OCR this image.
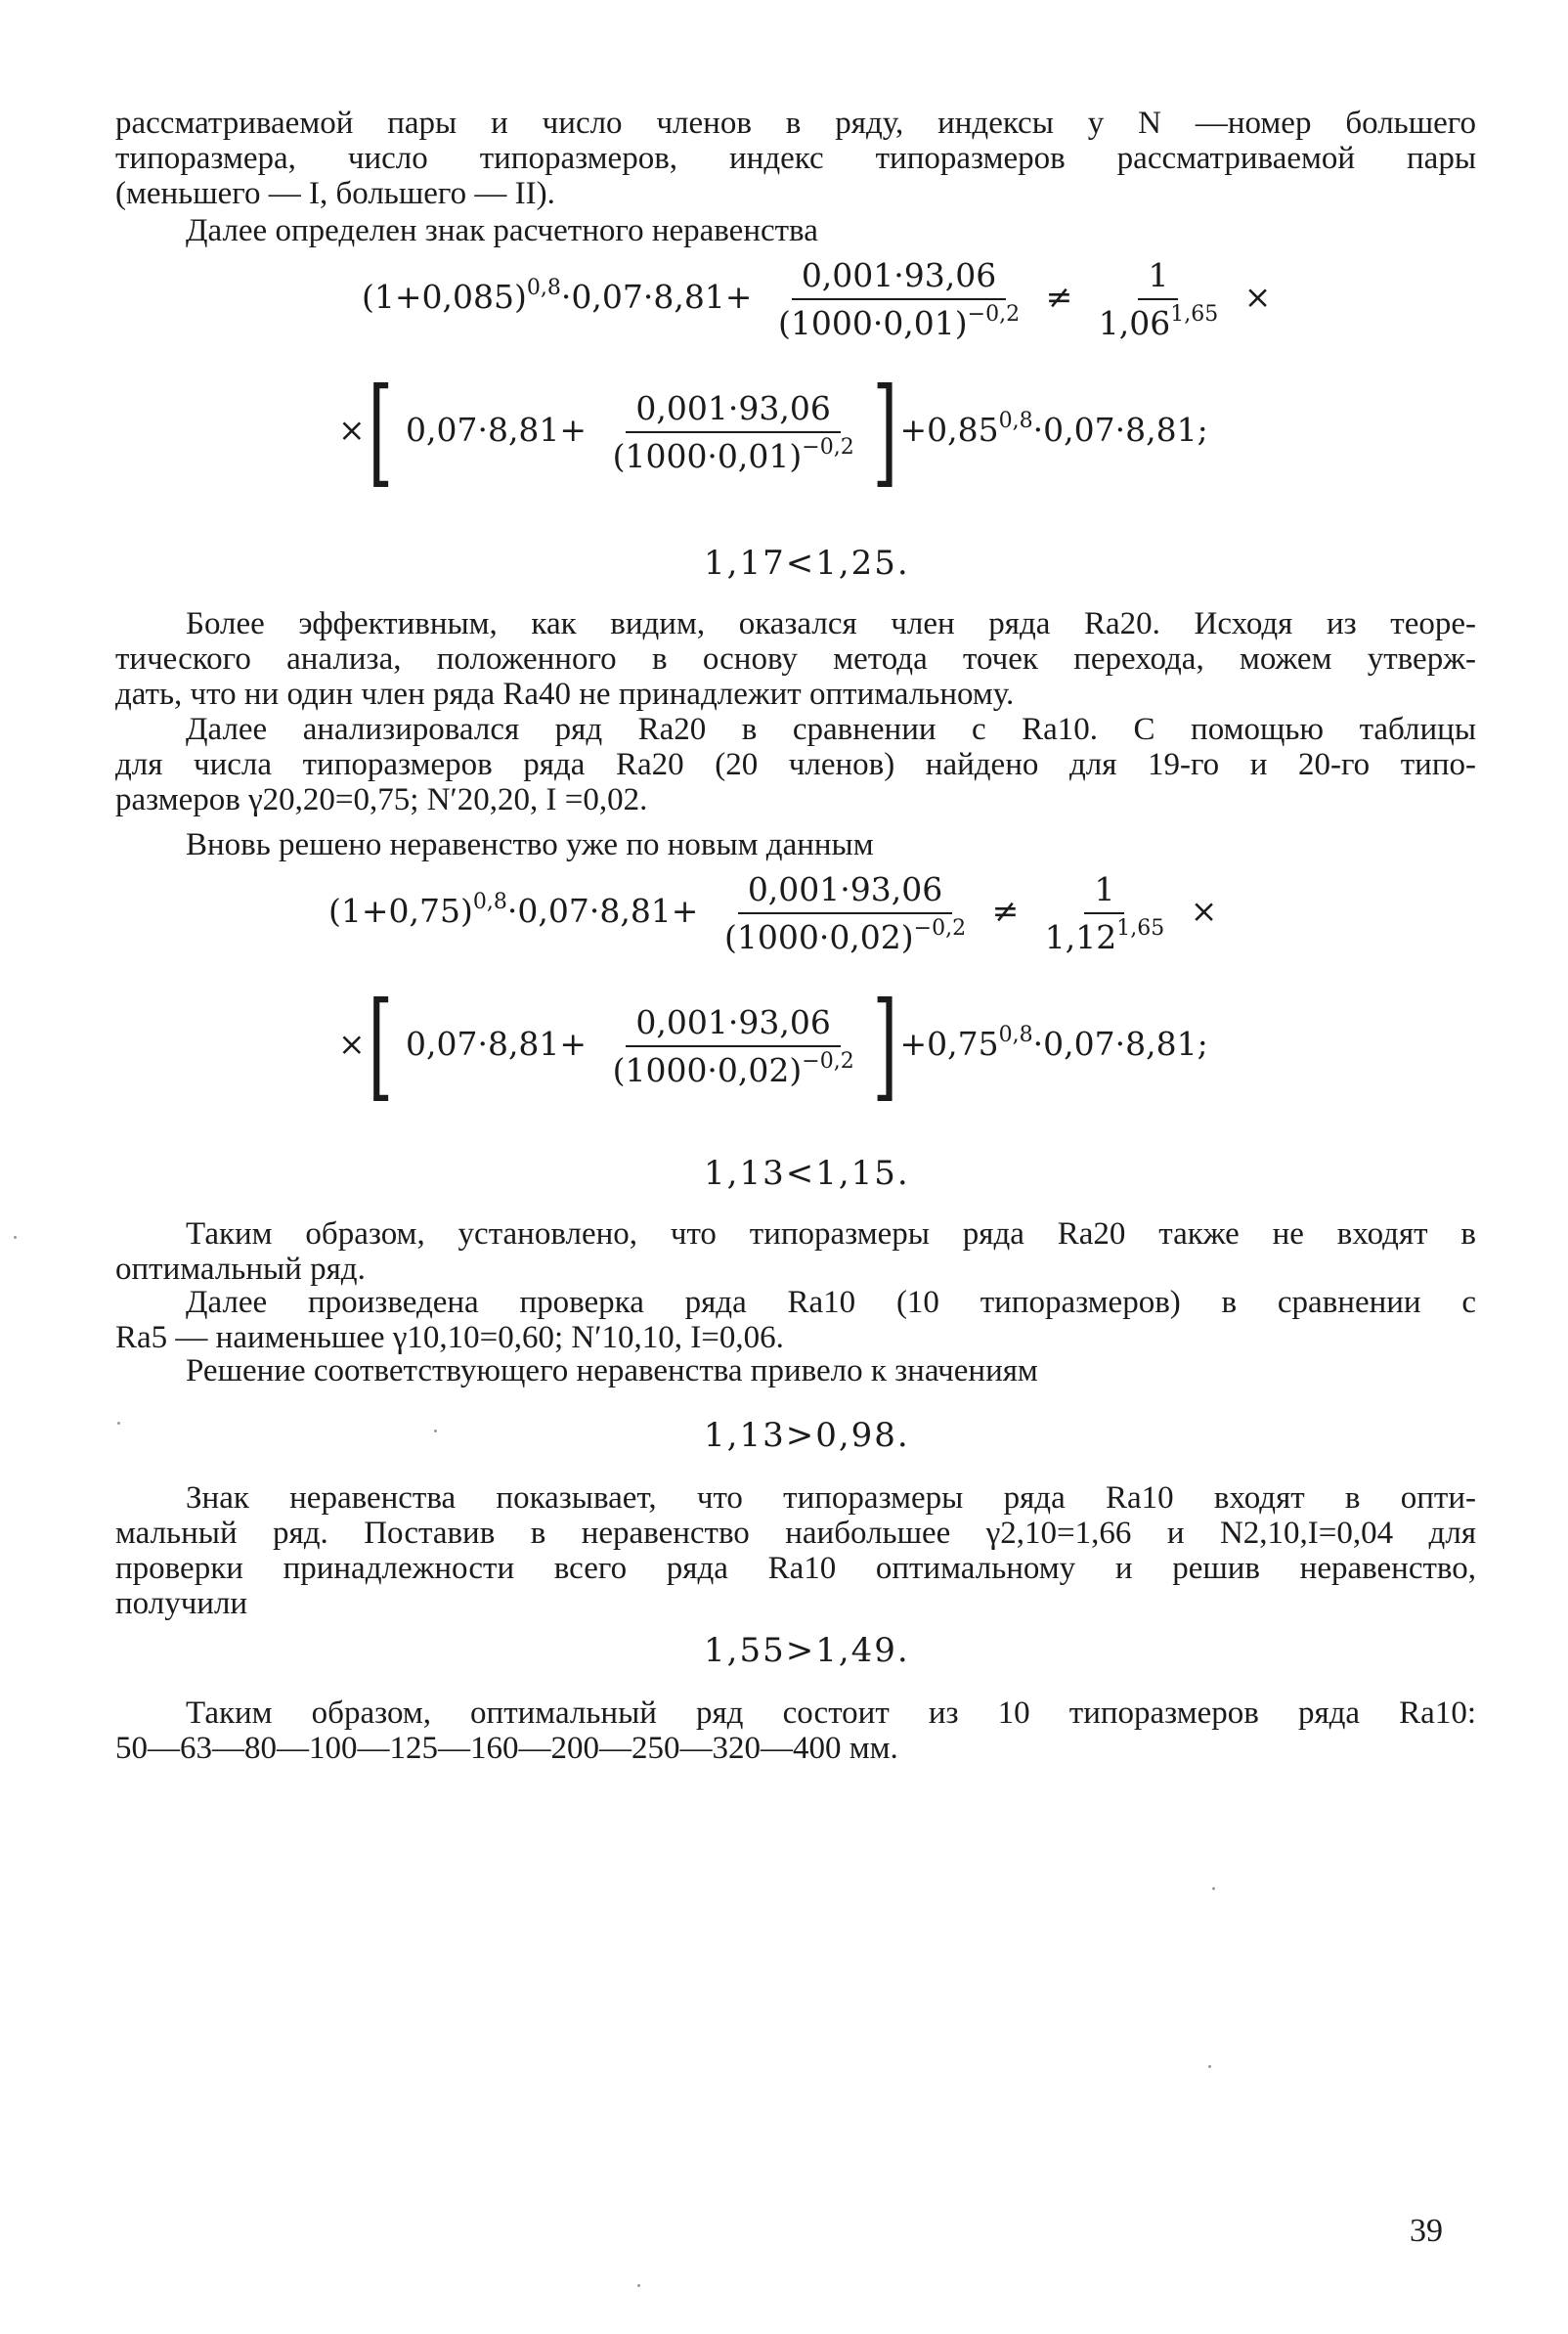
рассматриваемой пары и число членов в ряду, индексы у N —номер большего
типоразмера, число типоразмеров, индекс типоразмеров рассматриваемой пары
(меньшего — I, большего — II).
Далее определен знак расчетного неравенства
$(1+0,085)^{0,8}\cdot 0,07\cdot 8,81+ \frac{0,001\cdot 93,06}{(1000\cdot 0,01)^{-0,2}} \ne \frac{1}{1,06^{1,65}}$ ×
×[ $0,07\cdot 8,81+ \frac{0,001\cdot 93,06}{(1000\cdot 0,01)^{-0,2}} ]+0,85^{0,8}\cdot 0,07\cdot 8,81$;
1,17<1,25.
Более эффективным, как видим, оказался член ряда Ra20. Исходя из теоре-
тического анализа, положенного в основу метода точек перехода, можем утверж-
дать, что ни один член ряда Ra40 не принадлежит оптимальному.
Далее анализировался ряд Ra20 в сравнении с Ra10. С помощью таблицы
для числа типоразмеров ряда Ra20 (20 членов) найдено для 19-го и 20-го типо-
размеров γ20,20=0,75; N′20,20, I =0,02.
Вновь решено неравенство уже по новым данным
$(1+0,75)^{0,8}\cdot 0,07\cdot 8,81+ \frac{0,001\cdot 93,06}{(1000\cdot 0,02)^{-0,2}} \ne \frac{1}{1,12^{1,65}}$ ×
×[ $0,07\cdot 8,81+ \frac{0,001\cdot 93,06}{(1000\cdot 0,02)^{-0,2}} ]+0,75^{0,8}\cdot 0,07\cdot 8,81$;
1,13<1,15.
Таким образом, установлено, что типоразмеры ряда Ra20 также не входят в
оптимальный ряд.
Далее произведена проверка ряда Ra10 (10 типоразмеров) в сравнении с
Ra5 — наименьшее γ10,10=0,60; N′10,10, I=0,06.
Решение соответствующего неравенства привело к значениям
1,13>0,98.
Знак неравенства показывает, что типоразмеры ряда Ra10 входят в опти-
мальный ряд. Поставив в неравенство наибольшее γ2,10=1,66 и N2,10,I=0,04 для
проверки принадлежности всего ряда Ra10 оптимальному и решив неравенство,
получили
1,55>1,49.
Таким образом, оптимальный ряд состоит из 10 типоразмеров ряда Ra10:
50—63—80—100—125—160—200—250—320—400 мм.
39
